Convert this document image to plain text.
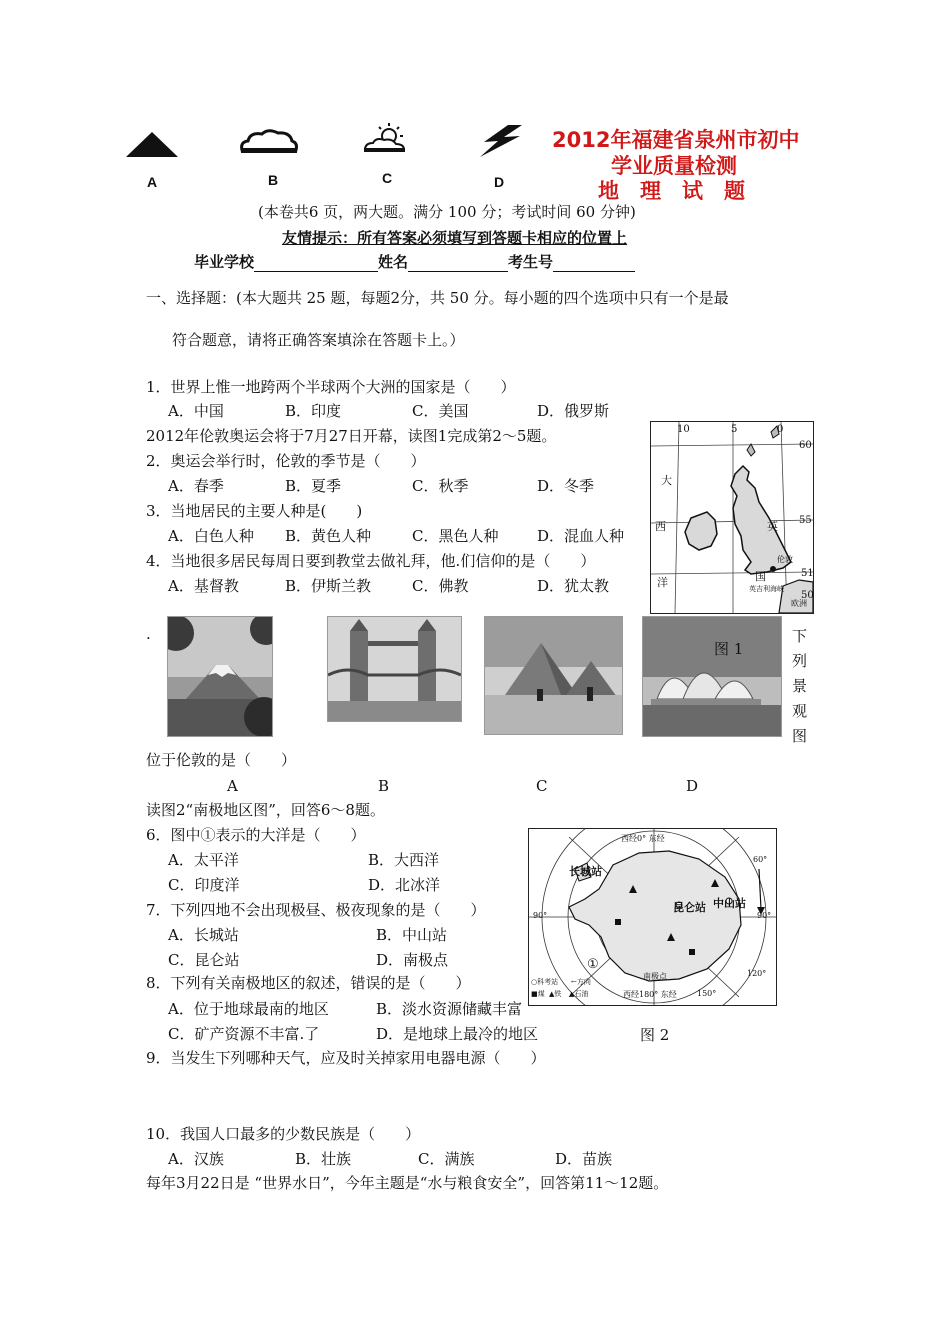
A	B	C	D
2012年福建省泉州市初中
学业质量检测
地　理　试　题
(本卷共6 页，两大题。满分 100 分；考试时间 60 分钟)
友情提示：所有答案必须填写到答题卡相应的位置上
毕业学校	姓名	考生号
一、选择题：(本大题共 25 题，每题2分，共 50 分。每小题的四个选项中只有一个是最
符合题意，请将正确答案填涂在答题卡上。）
1．世界上惟一地跨两个半球两个大洲的国家是（　　）
A．中国	B．印度	C．美国	D．俄罗斯
2012年伦敦奥运会将于7月27日开幕，读图1完成第2～5题。
2．奥运会举行时，伦敦的季节是（　　）
A．春季	B．夏季	C．秋季	D．冬季
3．当地居民的主要人种是(　　)
A．白色人种 B．黄色人种	C．黑色人种	D．混血人种
4．当地很多居民每周日要到教堂去做礼拜，他.们信仰的是（　　）
A．基督教	B．伊斯兰教	C．佛教	D．犹太教
10	5	0
60
55
51
50
大
西
洋
英
国
伦敦
英吉利海峡
欧洲
.
图 1
下
列
景
观
图
位于伦敦的是（　　）
A	B	C	D
读图2“南极地区图”，回答6～8题。
西经0° 东经
西经180° 东经
长城站
昆仑站 中山站
南极点
①
60°
90°	90°
120°
150°
○科考站 ←方向
■煤 ▲铁 ▲石油
图 2
6．图中①表示的大洋是（　　）
A．太平洋	B．大西洋
C．印度洋	D．北冰洋
7．下列四地不会出现极昼、极夜现象的是（　　）
A．长城站	B．中山站
C．昆仑站	D．南极点
8．下列有关南极地区的叙述，错误的是（　　）
A．位于地球最南的地区	B．淡水资源储藏丰富
C．矿产资源不丰富.了	D．是地球上最冷的地区
9．当发生下列哪种天气，应及时关掉家用电器电源（　　）
10．我国人口最多的少数民族是（　　）
A．汉族	B．壮族	C．满族	D．苗族
每年3月22日是 “世界水日”，今年主题是“水与粮食安全”，回答第11～12题。
